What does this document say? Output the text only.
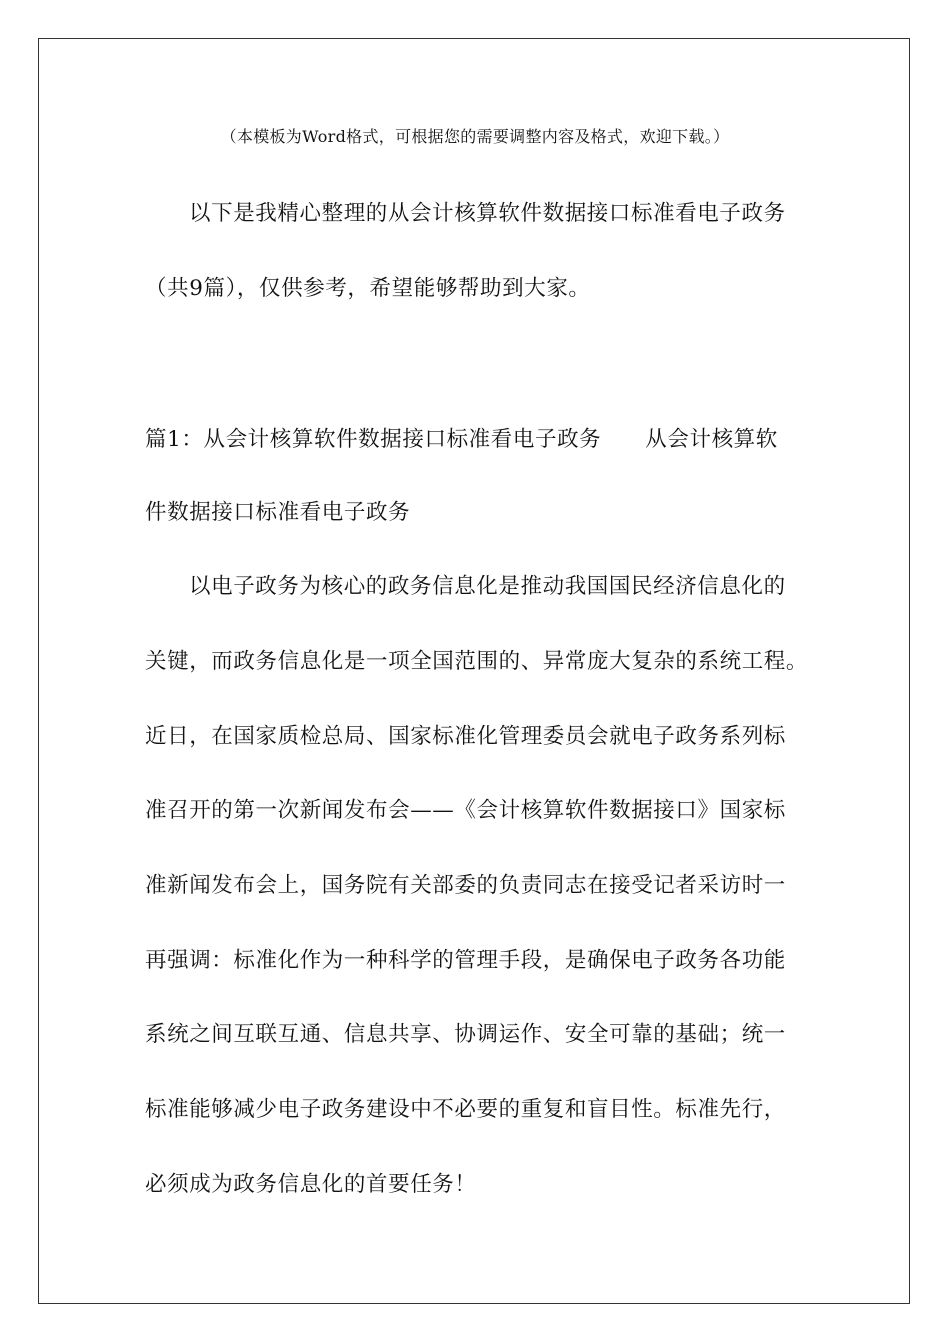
（本模板为Word格式，可根据您的需要调整内容及格式，欢迎下载。）
以下是我精心整理的从会计核算软件数据接口标准看电子政务
（共9篇），仅供参考，希望能够帮助到大家。
篇1：从会计核算软件数据接口标准看电子政务 从会计核算软
件数据接口标准看电子政务
以电子政务为核心的政务信息化是推动我国国民经济信息化的
关键，而政务信息化是一项全国范围的、异常庞大复杂的系统工程。
近日，在国家质检总局、国家标准化管理委员会就电子政务系列标
准召开的第一次新闻发布会——《会计核算软件数据接口》国家标
准新闻发布会上，国务院有关部委的负责同志在接受记者采访时一
再强调：标准化作为一种科学的管理手段，是确保电子政务各功能
系统之间互联互通、信息共享、协调运作、安全可靠的基础；统一
标准能够减少电子政务建设中不必要的重复和盲目性。标准先行，
必须成为政务信息化的首要任务！
